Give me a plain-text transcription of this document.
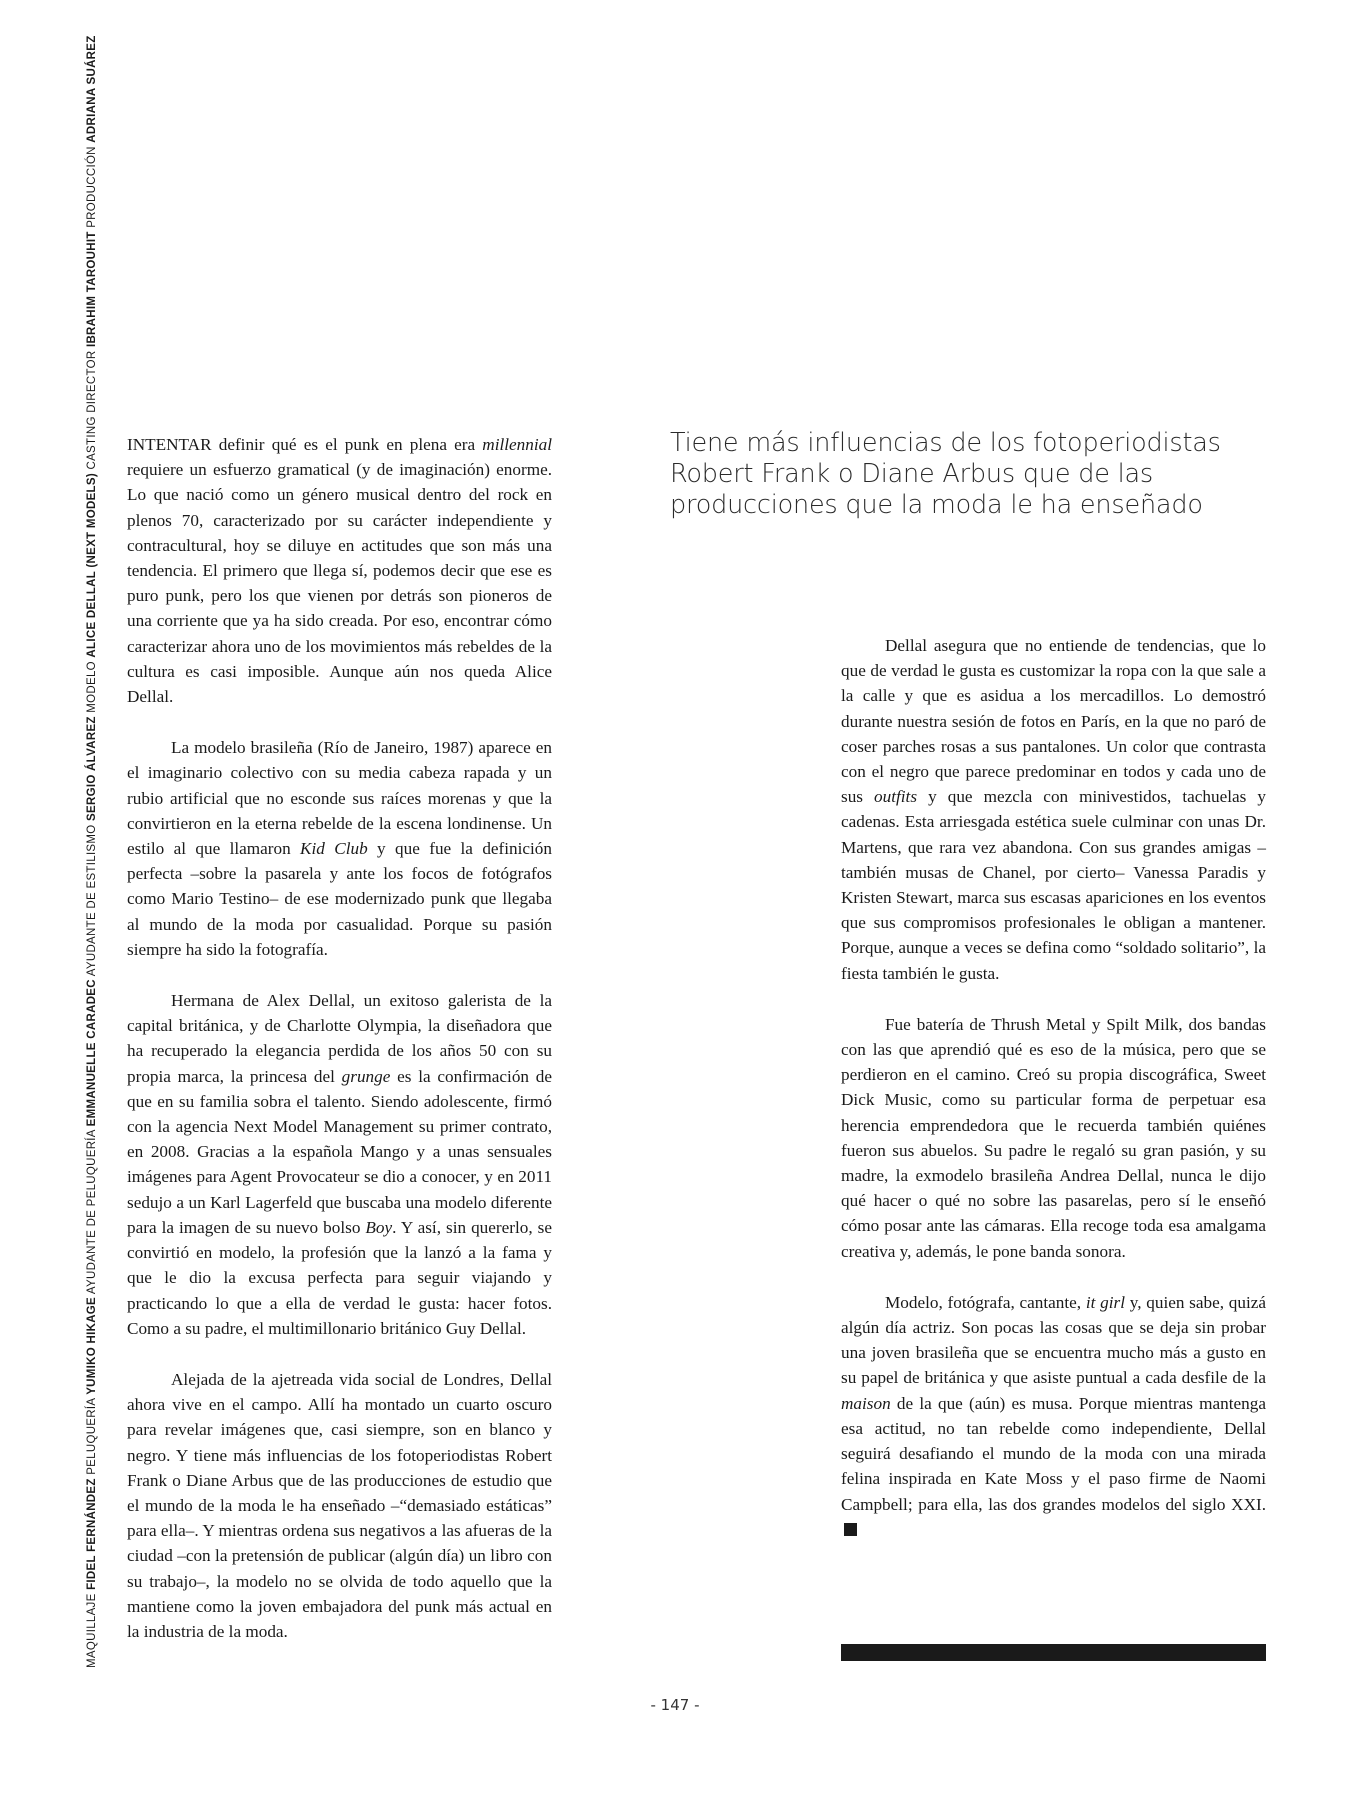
MAQUILLAJE FIDEL FERNÁNDEZ PELUQUERÍA YUMIKO HIKAGE AYUDANTE DE PELUQUERÍA EMMANUELLE CARADEC AYUDANTE DE ESTILISMO SERGIO ÁLVAREZ MODELO ALICE DELLAL (NEXT MODELS) CASTING DIRECTOR IBRAHIM TAROUHIT PRODUCCIÓN ADRIANA SUÁREZ

INTENTAR definir qué es el punk en plena era millennial requiere un esfuerzo gramatical (y de imaginación) enorme. Lo que nació como un género musical dentro del rock en plenos 70, caracterizado por su carácter independiente y contracultural, hoy se diluye en actitudes que son más una tendencia. El primero que llega sí, podemos decir que ese es puro punk, pero los que vienen por detrás son pioneros de una corriente que ya ha sido creada. Por eso, encontrar cómo caracterizar ahora uno de los movimientos más rebeldes de la cultura es casi imposible. Aunque aún nos queda Alice Dellal.

La modelo brasileña (Río de Janeiro, 1987) aparece en el imaginario colectivo con su media cabeza rapada y un rubio artificial que no esconde sus raíces morenas y que la convirtieron en la eterna rebelde de la escena londinense. Un estilo al que llamaron Kid Club y que fue la definición perfecta –sobre la pasarela y ante los focos de fotógrafos como Mario Testino– de ese modernizado punk que llegaba al mundo de la moda por casualidad. Porque su pasión siempre ha sido la fotografía.

Hermana de Alex Dellal, un exitoso galerista de la capital británica, y de Charlotte Olympia, la diseñadora que ha recuperado la elegancia perdida de los años 50 con su propia marca, la princesa del grunge es la confirmación de que en su familia sobra el talento. Siendo adolescente, firmó con la agencia Next Model Management su primer contrato, en 2008. Gracias a la española Mango y a unas sensuales imágenes para Agent Provocateur se dio a conocer, y en 2011 sedujo a un Karl Lagerfeld que buscaba una modelo diferente para la imagen de su nuevo bolso Boy. Y así, sin quererlo, se convirtió en modelo, la profesión que la lanzó a la fama y que le dio la excusa perfecta para seguir viajando y practicando lo que a ella de verdad le gusta: hacer fotos. Como a su padre, el multimillonario británico Guy Dellal.

Alejada de la ajetreada vida social de Londres, Dellal ahora vive en el campo. Allí ha montado un cuarto oscuro para revelar imágenes que, casi siempre, son en blanco y negro. Y tiene más influencias de los fotoperiodistas Robert Frank o Diane Arbus que de las producciones de estudio que el mundo de la moda le ha enseñado –“demasiado estáticas” para ella–. Y mientras ordena sus negativos a las afueras de la ciudad –con la pretensión de publicar (algún día) un libro con su trabajo–, la modelo no se olvida de todo aquello que la mantiene como la joven embajadora del punk más actual en la industria de la moda.

Tiene más influencias de los fotoperiodistas Robert Frank o Diane Arbus que de las producciones que la moda le ha enseñado

Dellal asegura que no entiende de tendencias, que lo que de verdad le gusta es customizar la ropa con la que sale a la calle y que es asidua a los mercadillos. Lo demostró durante nuestra sesión de fotos en París, en la que no paró de coser parches rosas a sus pantalones. Un color que contrasta con el negro que parece predominar en todos y cada uno de sus outfits y que mezcla con minivestidos, tachuelas y cadenas. Esta arriesgada estética suele culminar con unas Dr. Martens, que rara vez abandona. Con sus grandes amigas –también musas de Chanel, por cierto– Vanessa Paradis y Kristen Stewart, marca sus escasas apariciones en los eventos que sus compromisos profesionales le obligan a mantener. Porque, aunque a veces se defina como “soldado solitario”, la fiesta también le gusta.

Fue batería de Thrush Metal y Spilt Milk, dos bandas con las que aprendió qué es eso de la música, pero que se perdieron en el camino. Creó su propia discográfica, Sweet Dick Music, como su particular forma de perpetuar esa herencia emprendedora que le recuerda también quiénes fueron sus abuelos. Su padre le regaló su gran pasión, y su madre, la exmodelo brasileña Andrea Dellal, nunca le dijo qué hacer o qué no sobre las pasarelas, pero sí le enseñó cómo posar ante las cámaras. Ella recoge toda esa amalgama creativa y, además, le pone banda sonora.

Modelo, fotógrafa, cantante, it girl y, quien sabe, quizá algún día actriz. Son pocas las cosas que se deja sin probar una joven brasileña que se encuentra mucho más a gusto en su papel de británica y que asiste puntual a cada desfile de la maison de la que (aún) es musa. Porque mientras mantenga esa actitud, no tan rebelde como independiente, Dellal seguirá desafiando el mundo de la moda con una mirada felina inspirada en Kate Moss y el paso firme de Naomi Campbell; para ella, las dos grandes modelos del siglo XXI.

- 147 -
